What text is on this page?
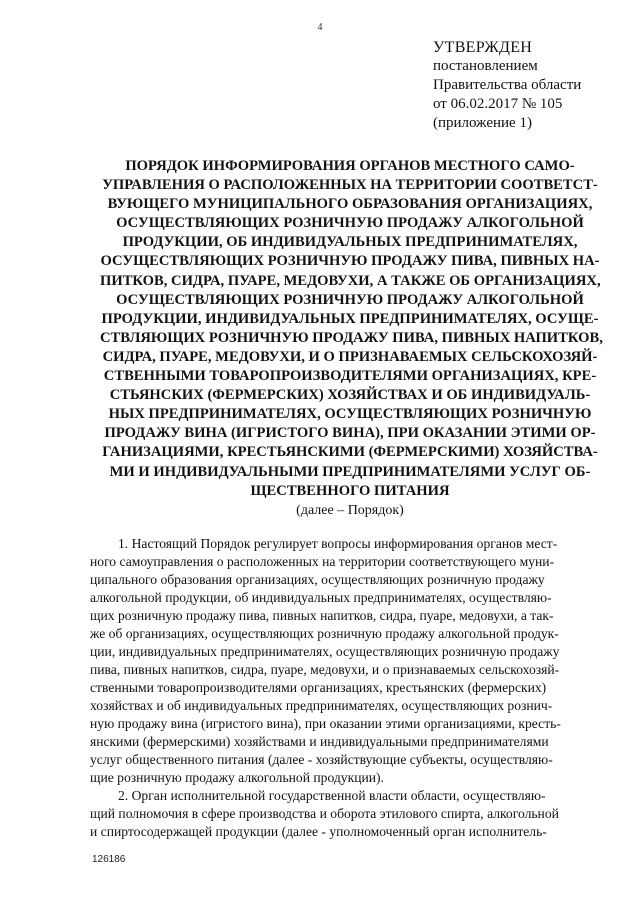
4
УТВЕРЖДЕН
постановлением
Правительства области
от 06.02.2017 № 105
(приложение 1)
ПОРЯДОК ИНФОРМИРОВАНИЯ ОРГАНОВ МЕСТНОГО САМО-
УПРАВЛЕНИЯ О РАСПОЛОЖЕННЫХ НА ТЕРРИТОРИИ СООТВЕТСТ-
ВУЮЩЕГО МУНИЦИПАЛЬНОГО ОБРАЗОВАНИЯ ОРГАНИЗАЦИЯХ,
ОСУЩЕСТВЛЯЮЩИХ РОЗНИЧНУЮ ПРОДАЖУ АЛКОГОЛЬНОЙ
ПРОДУКЦИИ, ОБ ИНДИВИДУАЛЬНЫХ ПРЕДПРИНИМАТЕЛЯХ,
ОСУЩЕСТВЛЯЮЩИХ РОЗНИЧНУЮ ПРОДАЖУ ПИВА, ПИВНЫХ НА-
ПИТКОВ, СИДРА, ПУАРЕ, МЕДОВУХИ, А ТАКЖЕ ОБ ОРГАНИЗАЦИЯХ,
ОСУЩЕСТВЛЯЮЩИХ РОЗНИЧНУЮ ПРОДАЖУ АЛКОГОЛЬНОЙ
ПРОДУКЦИИ, ИНДИВИДУАЛЬНЫХ ПРЕДПРИНИМАТЕЛЯХ, ОСУЩЕ-
СТВЛЯЮЩИХ РОЗНИЧНУЮ ПРОДАЖУ ПИВА, ПИВНЫХ НАПИТКОВ,
СИДРА, ПУАРЕ, МЕДОВУХИ, И О ПРИЗНАВАЕМЫХ СЕЛЬСКОХОЗЯЙ-
СТВЕННЫМИ ТОВАРОПРОИЗВОДИТЕЛЯМИ ОРГАНИЗАЦИЯХ, КРЕ-
СТЬЯНСКИХ (ФЕРМЕРСКИХ) ХОЗЯЙСТВАХ И ОБ ИНДИВИДУАЛЬ-
НЫХ ПРЕДПРИНИМАТЕЛЯХ, ОСУЩЕСТВЛЯЮЩИХ РОЗНИЧНУЮ
ПРОДАЖУ ВИНА (ИГРИСТОГО ВИНА), ПРИ ОКАЗАНИИ ЭТИМИ ОР-
ГАНИЗАЦИЯМИ, КРЕСТЬЯНСКИМИ (ФЕРМЕРСКИМИ) ХОЗЯЙСТВА-
МИ И ИНДИВИДУАЛЬНЫМИ ПРЕДПРИНИМАТЕЛЯМИ УСЛУГ ОБ-
ЩЕСТВЕННОГО ПИТАНИЯ
(далее – Порядок)
1. Настоящий Порядок регулирует вопросы информирования органов мест-
ного самоуправления о расположенных на территории соответствующего муни-
ципального образования организациях, осуществляющих розничную продажу
алкогольной продукции, об индивидуальных предпринимателях, осуществляю-
щих розничную продажу пива, пивных напитков, сидра, пуаре, медовухи, а так-
же об организациях, осуществляющих розничную продажу алкогольной продук-
ции, индивидуальных предпринимателях, осуществляющих розничную продажу
пива, пивных напитков, сидра, пуаре, медовухи, и о признаваемых сельскохозяй-
ственными товаропроизводителями организациях, крестьянских (фермерских)
хозяйствах и об индивидуальных предпринимателях, осуществляющих рознич-
ную продажу вина (игристого вина), при оказании этими организациями, кресть-
янскими (фермерскими) хозяйствами и индивидуальными предпринимателями
услуг общественного питания (далее - хозяйствующие субъекты, осуществляю-
щие розничную продажу алкогольной продукции).
2. Орган исполнительной государственной власти области, осуществляю-
щий полномочия в сфере производства и оборота этилового спирта, алкогольной
и спиртосодержащей продукции (далее - уполномоченный орган исполнитель-
126186
